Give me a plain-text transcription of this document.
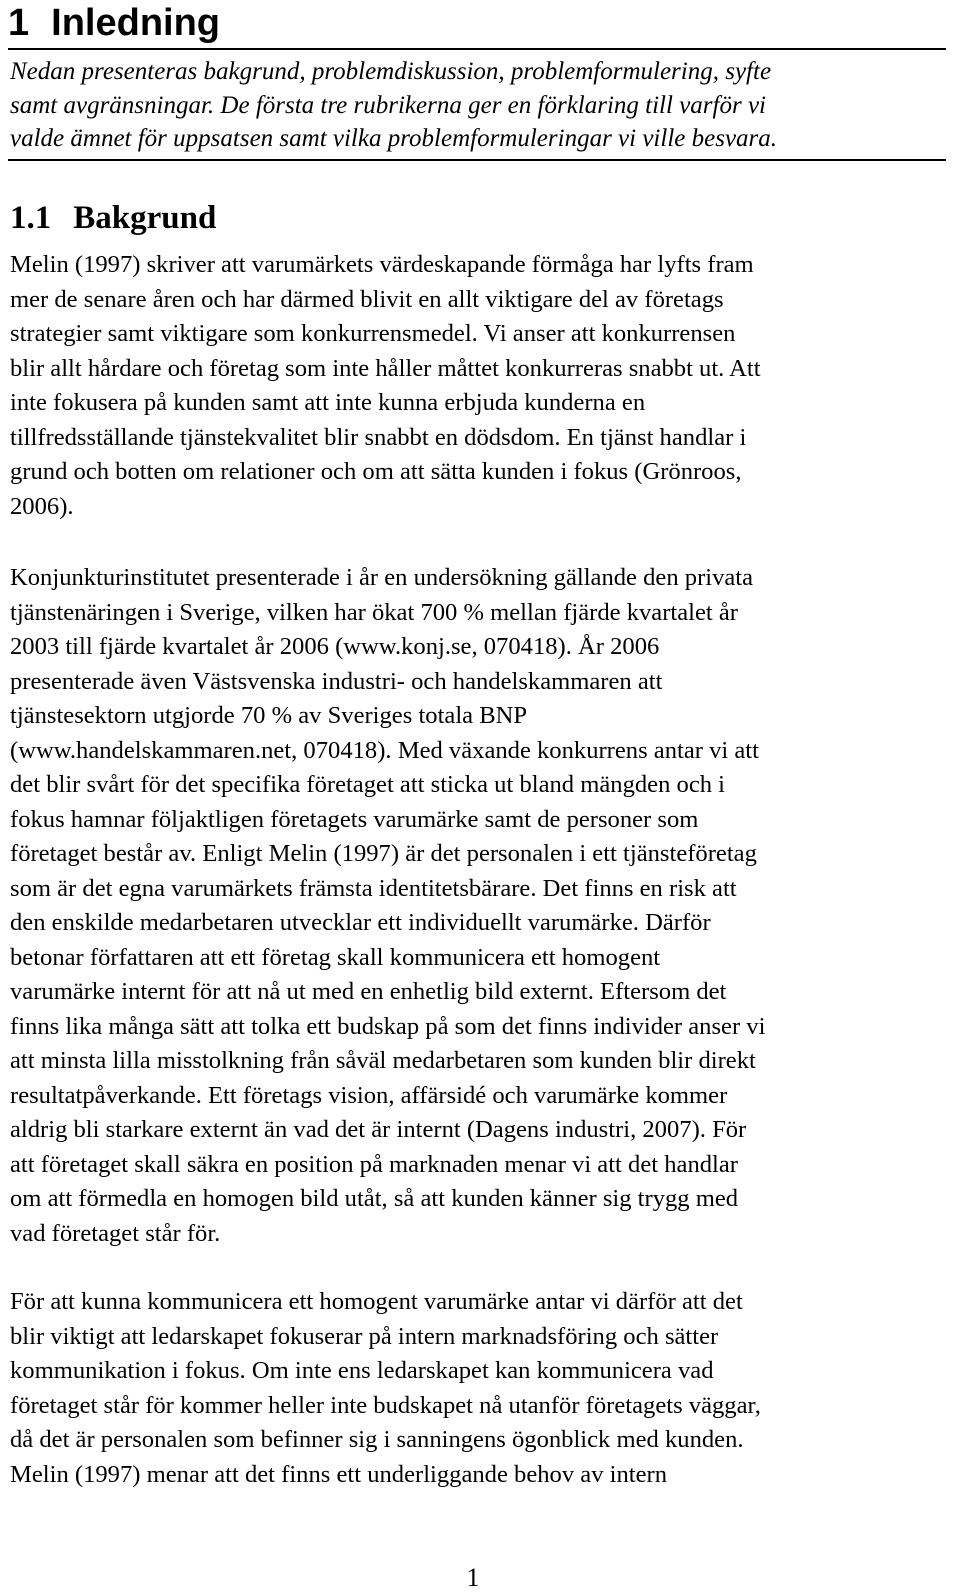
1 Inledning

Nedan presenteras bakgrund, problemdiskussion, problemformulering, syfte
samt avgränsningar. De första tre rubrikerna ger en förklaring till varför vi
valde ämnet för uppsatsen samt vilka problemformuleringar vi ville besvara.

1.1 Bakgrund

Melin (1997) skriver att varumärkets värdeskapande förmåga har lyfts fram
mer de senare åren och har därmed blivit en allt viktigare del av företags
strategier samt viktigare som konkurrensmedel. Vi anser att konkurrensen
blir allt hårdare och företag som inte håller måttet konkurreras snabbt ut. Att
inte fokusera på kunden samt att inte kunna erbjuda kunderna en
tillfredsställande tjänstekvalitet blir snabbt en dödsdom. En tjänst handlar i
grund och botten om relationer och om att sätta kunden i fokus (Grönroos,
2006).

Konjunkturinstitutet presenterade i år en undersökning gällande den privata
tjänstenäringen i Sverige, vilken har ökat 700 % mellan fjärde kvartalet år
2003 till fjärde kvartalet år 2006 (www.konj.se, 070418). År 2006
presenterade även Västsvenska industri- och handelskammaren att
tjänstesektorn utgjorde 70 % av Sveriges totala BNP
(www.handelskammaren.net, 070418). Med växande konkurrens antar vi att
det blir svårt för det specifika företaget att sticka ut bland mängden och i
fokus hamnar följaktligen företagets varumärke samt de personer som
företaget består av. Enligt Melin (1997) är det personalen i ett tjänsteföretag
som är det egna varumärkets främsta identitetsbärare. Det finns en risk att
den enskilde medarbetaren utvecklar ett individuellt varumärke. Därför
betonar författaren att ett företag skall kommunicera ett homogent
varumärke internt för att nå ut med en enhetlig bild externt. Eftersom det
finns lika många sätt att tolka ett budskap på som det finns individer anser vi
att minsta lilla misstolkning från såväl medarbetaren som kunden blir direkt
resultatpåverkande. Ett företags vision, affärsidé och varumärke kommer
aldrig bli starkare externt än vad det är internt (Dagens industri, 2007). För
att företaget skall säkra en position på marknaden menar vi att det handlar
om att förmedla en homogen bild utåt, så att kunden känner sig trygg med
vad företaget står för.

För att kunna kommunicera ett homogent varumärke antar vi därför att det
blir viktigt att ledarskapet fokuserar på intern marknadsföring och sätter
kommunikation i fokus. Om inte ens ledarskapet kan kommunicera vad
företaget står för kommer heller inte budskapet nå utanför företagets väggar,
då det är personalen som befinner sig i sanningens ögonblick med kunden.
Melin (1997) menar att det finns ett underliggande behov av intern

1
